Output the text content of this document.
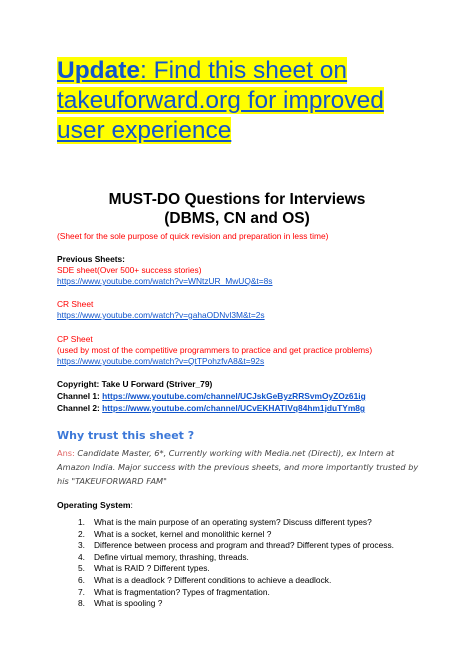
Update: Find this sheet on takeuforward.org for improved user experience
MUST-DO Questions for Interviews
(DBMS, CN and OS)
(Sheet for the sole purpose of quick revision and preparation in less time)
Previous Sheets:
SDE sheet(Over 500+ success stories)
https://www.youtube.com/watch?v=WNtzUR_MwUQ&t=8s
CR Sheet
https://www.youtube.com/watch?v=gahaODNvl3M&t=2s
CP Sheet
(used by most of the competitive programmers to practice and get practice problems)
https://www.youtube.com/watch?v=QtTPohzfvA8&t=92s
Copyright: Take U Forward (Striver_79)
Channel 1: https://www.youtube.com/channel/UCJskGeByzRRSvmOyZOz61ig
Channel 2: https://www.youtube.com/channel/UCvEKHATlVq84hm1jduTYm8g
Why trust this sheet ?
Ans: Candidate Master, 6*, Currently working with Media.net (Directi), ex Intern at Amazon India. Major success with the previous sheets, and more importantly trusted by his "TAKEUFORWARD FAM"
Operating System:
1. What is the main purpose of an operating system? Discuss different types?
2. What is a socket, kernel and monolithic kernel ?
3. Difference between process and program and thread? Different types of process.
4. Define virtual memory, thrashing, threads.
5. What is RAID ? Different types.
6. What is a deadlock ? Different conditions to achieve a deadlock.
7. What is fragmentation? Types of fragmentation.
8. What is spooling ?
